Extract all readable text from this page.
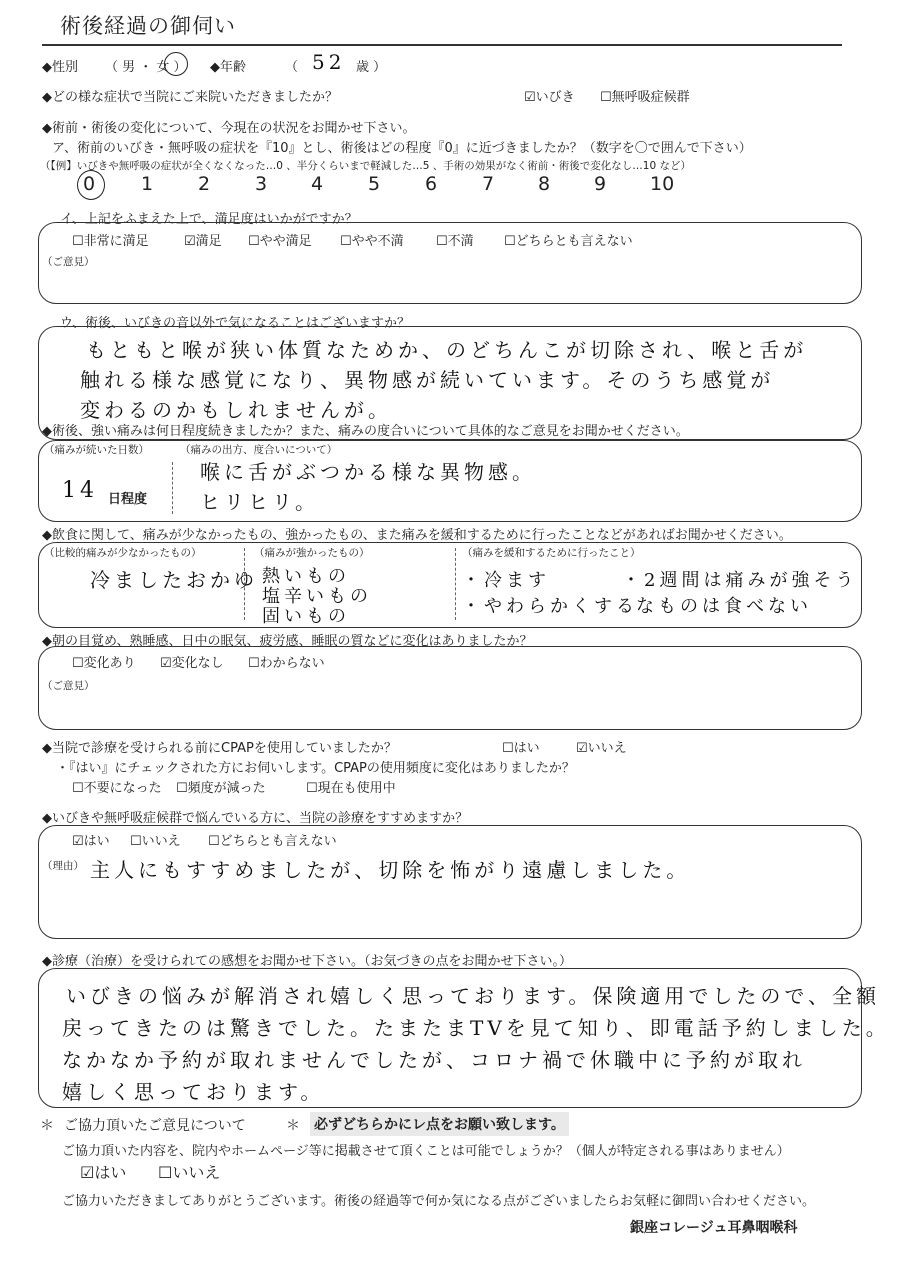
術後経過の御伺い
◆性別 （ 男 ・ 女 ） ◆年齢	（ 52 歳 ）
◆どの様な症状で当院にご来院いただきましたか？	☑いびき ☐無呼吸症候群
◆術前・術後の変化について、今現在の状況をお聞かせ下さい。
ア、術前のいびき・無呼吸の症状を『10』とし、術後はどの程度『0』に近づきましたか？（数字を〇で囲んで下さい）
（【例】いびきや無呼吸の症状が全くなくなった…0 、半分くらいまで軽減した…5 、手術の効果がなく術前・術後で変化なし…10 など）
0 1 2 3 4 5 6 7 8 9 10
イ、上記をふまえた上で、満足度はいかがですか？
☐非常に満足	☑満足 ☐やや満足 ☐やや不満 ☐不満 ☐どちらとも言えない
（ご意見）
ウ、術後、いびきの音以外で気になることはございますか？
もともと喉が狭い体質なためか、のどちんこが切除され、喉と舌が
触れる様な感覚になり、異物感が続いています。そのうち感覚が
変わるのかもしれませんが。
◆術後、強い痛みは何日程度続きましたか？また、痛みの度合いについて具体的なご意見をお聞かせください。
（痛みが続いた日数）
14 日程度
（痛みの出方、度合いについて）
喉に舌がぶつかる様な異物感。
ヒリヒリ。
◆飲食に関して、痛みが少なかったもの、強かったもの、また痛みを緩和するために行ったことなどがあればお聞かせください。
（比較的痛みが少なかったもの）
冷ましたおかゆ
（痛みが強かったもの）
熱いもの
塩辛いもの
固いもの
（痛みを緩和するために行ったこと）
・冷ます
・やわらかくする
・2週間は痛みが強そう
なものは食べない
◆朝の目覚め、熟睡感、日中の眠気、疲労感、睡眠の質などに変化はありましたか？
☐変化あり ☑変化なし ☐わからない
（ご意見）
◆当院で診療を受けられる前にCPAPを使用していましたか？	☐はい	☑いいえ
・『はい』にチェックされた方にお伺いします。CPAPの使用頻度に変化はありましたか？
☐不要になった ☐頻度が減った	☐現在も使用中
◆いびきや無呼吸症候群で悩んでいる方に、当院の診療をすすめますか？
☑はい ☐いいえ ☐どちらとも言えない
（理由） 主人にもすすめましたが、切除を怖がり遠慮しました。
◆診療（治療）を受けられての感想をお聞かせ下さい。（お気づきの点をお聞かせ下さい。）
いびきの悩みが解消され嬉しく思っております。保険適用でしたので、全額
戻ってきたのは驚きでした。たまたまTVを見て知り、即電話予約しました。
なかなか予約が取れませんでしたが、コロナ禍で休職中に予約が取れ
嬉しく思っております。
＊ ご協力頂いたご意見について	＊ 必ずどちらかにレ点をお願い致します。
ご協力頂いた内容を、院内やホームページ等に掲載させて頂くことは可能でしょうか？（個人が特定される事はありません）
☑はい ☐いいえ
ご協力いただきましてありがとうございます。術後の経過等で何か気になる点がございましたらお気軽に御問い合わせください。
銀座コレージュ耳鼻咽喉科
